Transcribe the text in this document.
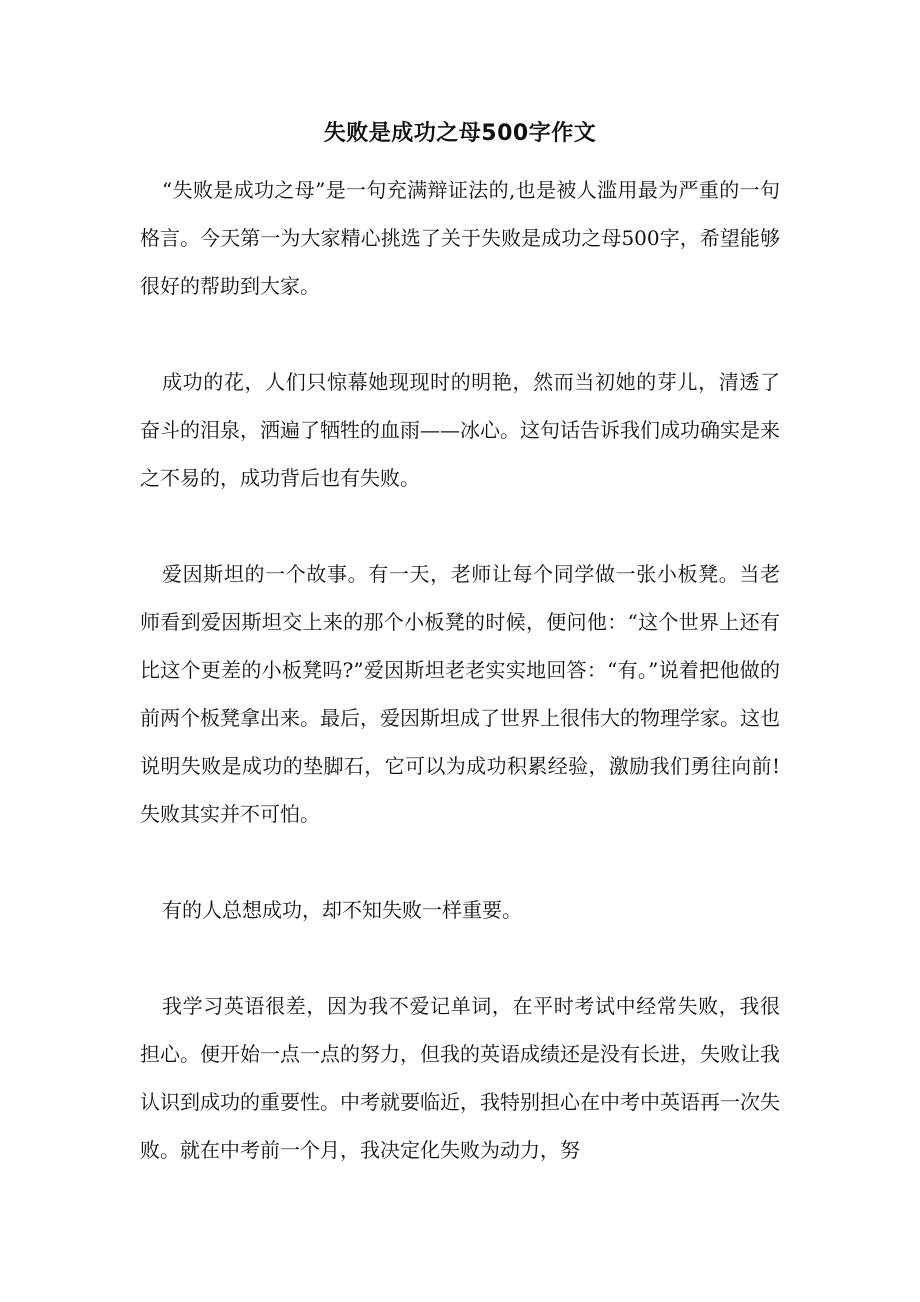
失败是成功之母500字作文

“失败是成功之母”是一句充满辩证法的,也是被人滥用最为严重的一句格言。今天第一为大家精心挑选了关于失败是成功之母500字，希望能够很好的帮助到大家。

成功的花，人们只惊幕她现现时的明艳，然而当初她的芽儿，清透了奋斗的泪泉，洒遍了牺牲的血雨——冰心。这句话告诉我们成功确实是来之不易的，成功背后也有失败。

爱因斯坦的一个故事。有一天，老师让每个同学做一张小板凳。当老师看到爱因斯坦交上来的那个小板凳的时候，便问他：“这个世界上还有比这个更差的小板凳吗?”爱因斯坦老老实实地回答：“有。”说着把他做的前两个板凳拿出来。最后，爱因斯坦成了世界上很伟大的物理学家。这也说明失败是成功的垫脚石，它可以为成功积累经验，激励我们勇往向前!失败其实并不可怕。

有的人总想成功，却不知失败一样重要。

我学习英语很差，因为我不爱记单词，在平时考试中经常失败，我很担心。便开始一点一点的努力，但我的英语成绩还是没有长进，失败让我认识到成功的重要性。中考就要临近，我特别担心在中考中英语再一次失败。就在中考前一个月，我决定化失败为动力，努
